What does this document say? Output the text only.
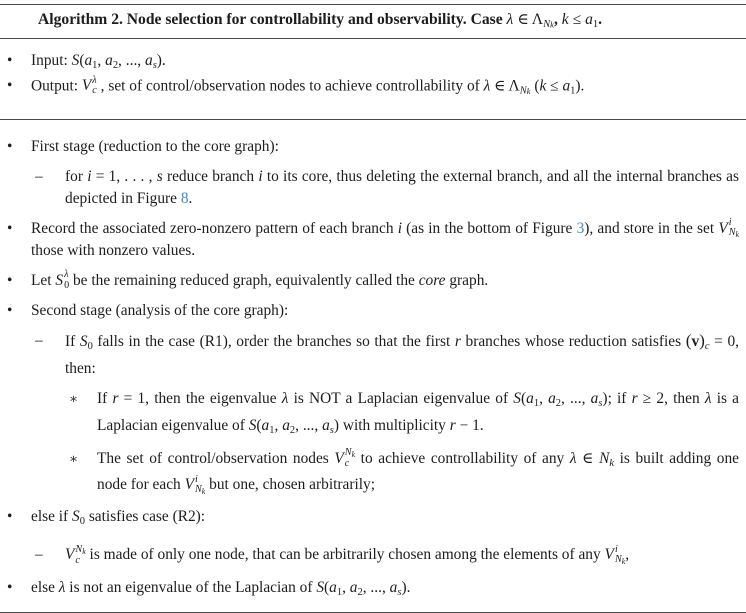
Algorithm 2. Node selection for controllability and observability. Case λ ∈ $\Lambda N_k$, k ≤ a1.
•	Input: S(a1, a2, ..., as).
•	Output: V λ
c , set of control/observation nodes to achieve controllability of λ ∈ $\Lambda N_k$ (k ≤ a1).
•	First stage (reduction to the core graph):
–	for i = 1, . . . , s reduce branch i to its core, thus deleting the external branch, and all the internal branches as depicted in Figure 8.
•	Record the associated zero-nonzero pattern of each branch i (as in the bottom of Figure 3), and store in the set V i
Nk
those with nonzero values.
•	Let S λ
0 be the remaining reduced graph, equivalently called the core graph.
•	Second stage (analysis of the core graph):
–	If S0 falls in the case (R1), order the branches so that the first r branches whose reduction satisfies (v)c = 0, then:
∗	If r = 1, then the eigenvalue λ is NOT a Laplacian eigenvalue of S(a1, a2, ..., as); if r ≥ 2, then λ is a Laplacian eigenvalue of S(a1, a2, ..., as) with multiplicity r − 1.
∗	The set of control/observation nodes V Nk
c to achieve controllability of any λ ∈ Nk is built adding one node for each V i
Nk but one, chosen arbitrarily;
•	else if S0 satisfies case (R2):
–	V Nk
c is made of only one node, that can be arbitrarily chosen among the elements of any V i
Nk ,
•	else λ is not an eigenvalue of the Laplacian of S(a1, a2, ..., as).
